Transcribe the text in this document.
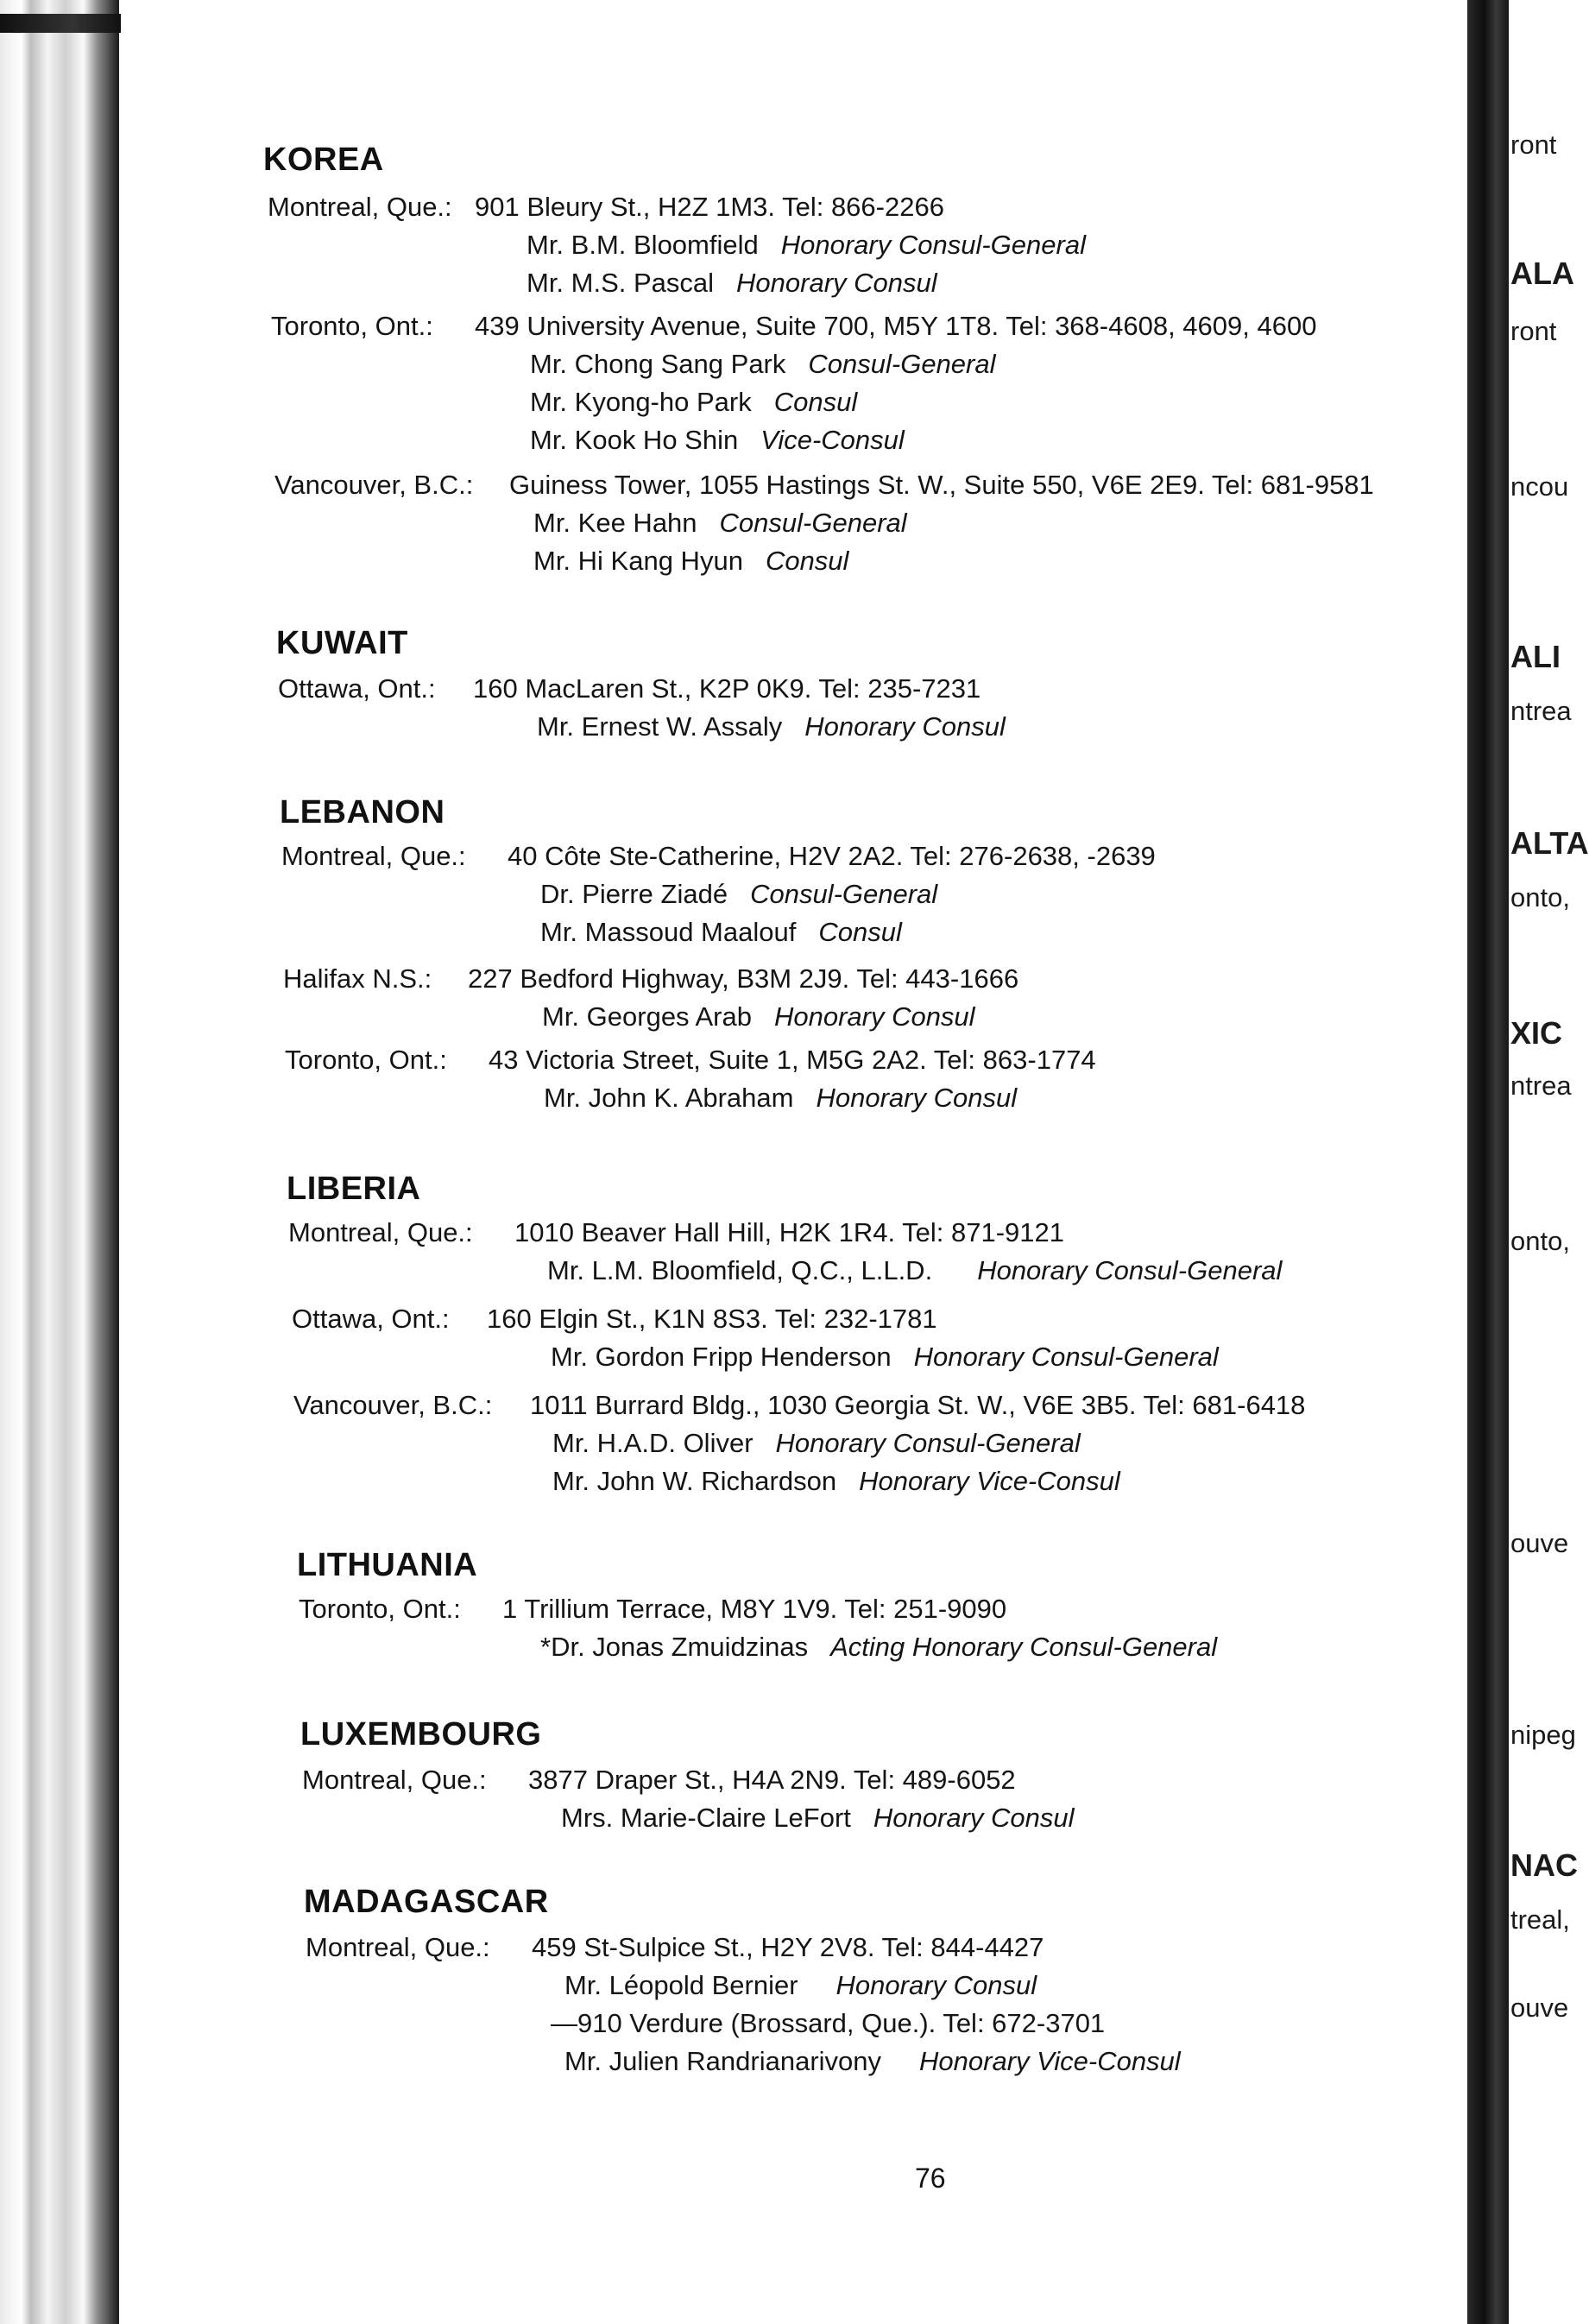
ront
ALA
ront
ncou
ALI
ntrea
ALTA
onto,
XIC
ntrea
onto,
ouve
nipeg
NAC
treal,
ouve
KOREA
Montreal, Que.: 901 Bleury St., H2Z 1M3. Tel: 866-2266
Mr. B.M. Bloomfield Honorary Consul-General
Mr. M.S. Pascal Honorary Consul
Toronto, Ont.: 439 University Avenue, Suite 700, M5Y 1T8. Tel: 368-4608, 4609, 4600
Mr. Chong Sang Park Consul-General
Mr. Kyong-ho Park Consul
Mr. Kook Ho Shin Vice-Consul
Vancouver, B.C.: Guiness Tower, 1055 Hastings St. W., Suite 550, V6E 2E9. Tel: 681-9581
Mr. Kee Hahn Consul-General
Mr. Hi Kang Hyun Consul
KUWAIT
Ottawa, Ont.: 160 MacLaren St., K2P 0K9. Tel: 235-7231
Mr. Ernest W. Assaly Honorary Consul
LEBANON
Montreal, Que.: 40 Côte Ste-Catherine, H2V 2A2. Tel: 276-2638, -2639
Dr. Pierre Ziadé Consul-General
Mr. Massoud Maalouf Consul
Halifax N.S.: 227 Bedford Highway, B3M 2J9. Tel: 443-1666
Mr. Georges Arab Honorary Consul
Toronto, Ont.: 43 Victoria Street, Suite 1, M5G 2A2. Tel: 863-1774
Mr. John K. Abraham Honorary Consul
LIBERIA
Montreal, Que.: 1010 Beaver Hall Hill, H2K 1R4. Tel: 871-9121
Mr. L.M. Bloomfield, Q.C., L.L.D. Honorary Consul-General
Ottawa, Ont.: 160 Elgin St., K1N 8S3. Tel: 232-1781
Mr. Gordon Fripp Henderson Honorary Consul-General
Vancouver, B.C.: 1011 Burrard Bldg., 1030 Georgia St. W., V6E 3B5. Tel: 681-6418
Mr. H.A.D. Oliver Honorary Consul-General
Mr. John W. Richardson Honorary Vice-Consul
LITHUANIA
Toronto, Ont.: 1 Trillium Terrace, M8Y 1V9. Tel: 251-9090
*Dr. Jonas Zmuidzinas Acting Honorary Consul-General
LUXEMBOURG
Montreal, Que.: 3877 Draper St., H4A 2N9. Tel: 489-6052
Mrs. Marie-Claire LeFort Honorary Consul
MADAGASCAR
Montreal, Que.: 459 St-Sulpice St., H2Y 2V8. Tel: 844-4427
Mr. Léopold Bernier Honorary Consul
—910 Verdure (Brossard, Que.). Tel: 672-3701
Mr. Julien Randrianarivony Honorary Vice-Consul
76
